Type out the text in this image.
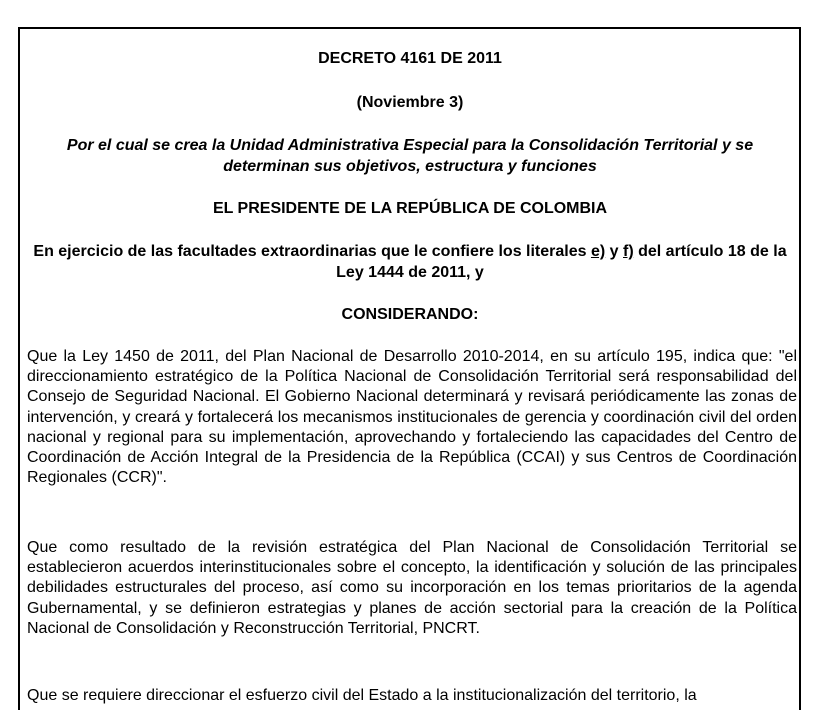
DECRETO 4161 DE 2011

(Noviembre 3)

Por el cual se crea la Unidad Administrativa Especial para la Consolidación Territorial y se determinan sus objetivos, estructura y funciones

EL PRESIDENTE DE LA REPÚBLICA DE COLOMBIA

En ejercicio de las facultades extraordinarias que le confiere los literales e) y f) del artículo 18 de la Ley 1444 de 2011, y

CONSIDERANDO:

Que la Ley 1450 de 2011, del Plan Nacional de Desarrollo 2010-2014, en su artículo 195, indica que: "el direccionamiento estratégico de la Política Nacional de Consolidación Territorial será responsabilidad del Consejo de Seguridad Nacional. El Gobierno Nacional determinará y revisará periódicamente las zonas de intervención, y creará y fortalecerá los mecanismos institucionales de gerencia y coordinación civil del orden nacional y regional para su implementación, aprovechando y fortaleciendo las capacidades del Centro de Coordinación de Acción Integral de la Presidencia de la República (CCAI) y sus Centros de Coordinación Regionales (CCR)".

Que como resultado de la revisión estratégica del Plan Nacional de Consolidación Territorial se establecieron acuerdos interinstitucionales sobre el concepto, la identificación y solución de las principales debilidades estructurales del proceso, así como su incorporación en los temas prioritarios de la agenda Gubernamental, y se definieron estrategias y planes de acción sectorial para la creación de la Política Nacional de Consolidación y Reconstrucción Territorial, PNCRT.

Que se requiere direccionar el esfuerzo civil del Estado a la institucionalización del territorio, la
